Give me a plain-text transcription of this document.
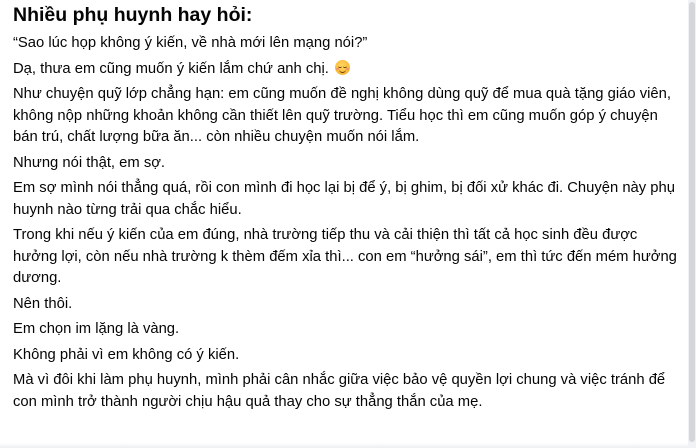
Nhiều phụ huynh hay hỏi:
“Sao lúc họp không ý kiến, về nhà mới lên mạng nói?”
Dạ, thưa em cũng muốn ý kiến lắm chứ anh chị.
Như chuyện quỹ lớp chẳng hạn: em cũng muốn đề nghị không dùng quỹ để mua quà tặng giáo viên,
không nộp những khoản không cần thiết lên quỹ trường. Tiểu học thì em cũng muốn góp ý chuyện
bán trú, chất lượng bữa ăn... còn nhiều chuyện muốn nói lắm.
Nhưng nói thật, em sợ.
Em sợ mình nói thẳng quá, rồi con mình đi học lại bị để ý, bị ghim, bị đối xử khác đi. Chuyện này phụ
huynh nào từng trải qua chắc hiểu.
Trong khi nếu ý kiến của em đúng, nhà trường tiếp thu và cải thiện thì tất cả học sinh đều được
hưởng lợi, còn nếu nhà trường k thèm đếm xỉa thì... con em “hưởng sái”, em thì tức đến mém hưởng
dương.
Nên thôi.
Em chọn im lặng là vàng.
Không phải vì em không có ý kiến.
Mà vì đôi khi làm phụ huynh, mình phải cân nhắc giữa việc bảo vệ quyền lợi chung và việc tránh để
con mình trở thành người chịu hậu quả thay cho sự thẳng thắn của mẹ.
